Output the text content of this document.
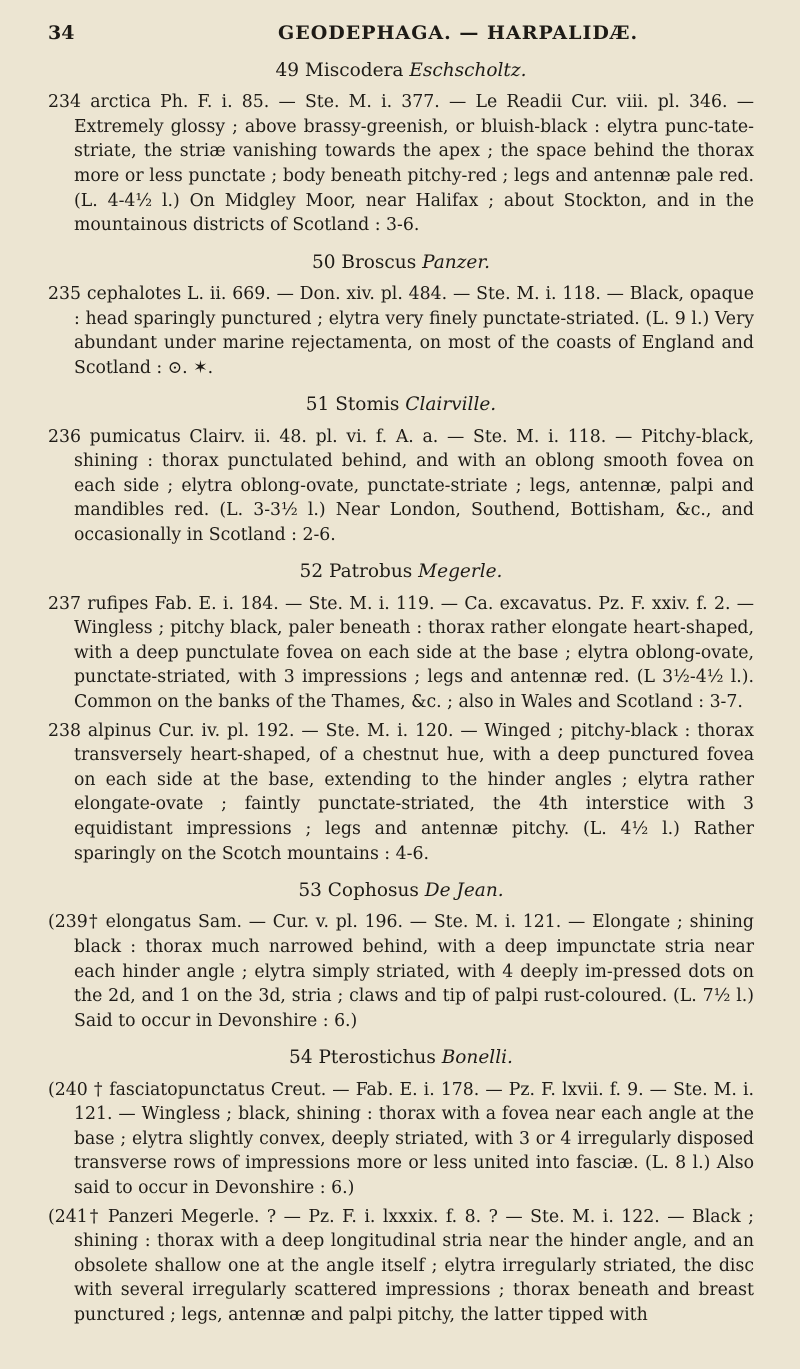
34	GEODEPHAGA. — HARPALIDÆ.
49 Miscodera Eschscholtz.

234 arctica Ph. F. i. 85. — Ste. M. i. 377. — Le Readii Cur. viii. pl. 346. — Extremely glossy ; above brassy-greenish, or bluish-black : elytra punc-tate-striate, the striæ vanishing towards the apex ; the space behind the thorax more or less punctate ; body beneath pitchy-red ; legs and antennæ pale red. (L. 4-4½ l.) On Midgley Moor, near Halifax ; about Stockton, and in the mountainous districts of Scotland : 3-6.

50 Broscus Panzer.

235 cephalotes L. ii. 669. — Don. xiv. pl. 484. — Ste. M. i. 118. — Black, opaque : head sparingly punctured ; elytra very finely punctate-striated. (L. 9 l.) Very abundant under marine rejectamenta, on most of the coasts of England and Scotland : ⊙. ✶.

51 Stomis Clairville.

236 pumicatus Clairv. ii. 48. pl. vi. f. A. a. — Ste. M. i. 118. — Pitchy-black, shining : thorax punctulated behind, and with an oblong smooth fovea on each side ; elytra oblong-ovate, punctate-striate ; legs, antennæ, palpi and mandibles red. (L. 3-3½ l.) Near London, Southend, Bottisham, &c., and occasionally in Scotland : 2-6.

52 Patrobus Megerle.

237 rufipes Fab. E. i. 184. — Ste. M. i. 119. — Ca. excavatus. Pz. F. xxiv. f. 2. — Wingless ; pitchy black, paler beneath : thorax rather elongate heart-shaped, with a deep punctulate fovea on each side at the base ; elytra oblong-ovate, punctate-striated, with 3 impressions ; legs and antennæ red. (L 3½-4½ l.). Common on the banks of the Thames, &c. ; also in Wales and Scotland : 3-7.

238 alpinus Cur. iv. pl. 192. — Ste. M. i. 120. — Winged ; pitchy-black : thorax transversely heart-shaped, of a chestnut hue, with a deep punctured fovea on each side at the base, extending to the hinder angles ; elytra rather elongate-ovate ; faintly punctate-striated, the 4th interstice with 3 equidistant impressions ; legs and antennæ pitchy. (L. 4½ l.) Rather sparingly on the Scotch mountains : 4-6.

53 Cophosus De Jean.

(239† elongatus Sam. — Cur. v. pl. 196. — Ste. M. i. 121. — Elongate ; shining black : thorax much narrowed behind, with a deep impunctate stria near each hinder angle ; elytra simply striated, with 4 deeply im-pressed dots on the 2d, and 1 on the 3d, stria ; claws and tip of palpi rust-coloured. (L. 7½ l.) Said to occur in Devonshire : 6.)

54 Pterostichus Bonelli.

(240 † fasciatopunctatus Creut. — Fab. E. i. 178. — Pz. F. lxvii. f. 9. — Ste. M. i. 121. — Wingless ; black, shining : thorax with a fovea near each angle at the base ; elytra slightly convex, deeply striated, with 3 or 4 irregularly disposed transverse rows of impressions more or less united into fasciæ. (L. 8 l.) Also said to occur in Devonshire : 6.)

(241† Panzeri Megerle. ? — Pz. F. i. lxxxix. f. 8. ? — Ste. M. i. 122. — Black ; shining : thorax with a deep longitudinal stria near the hinder angle, and an obsolete shallow one at the angle itself ; elytra irregularly striated, the disc with several irregularly scattered impressions ; thorax beneath and breast punctured ; legs, antennæ and palpi pitchy, the latter tipped with
